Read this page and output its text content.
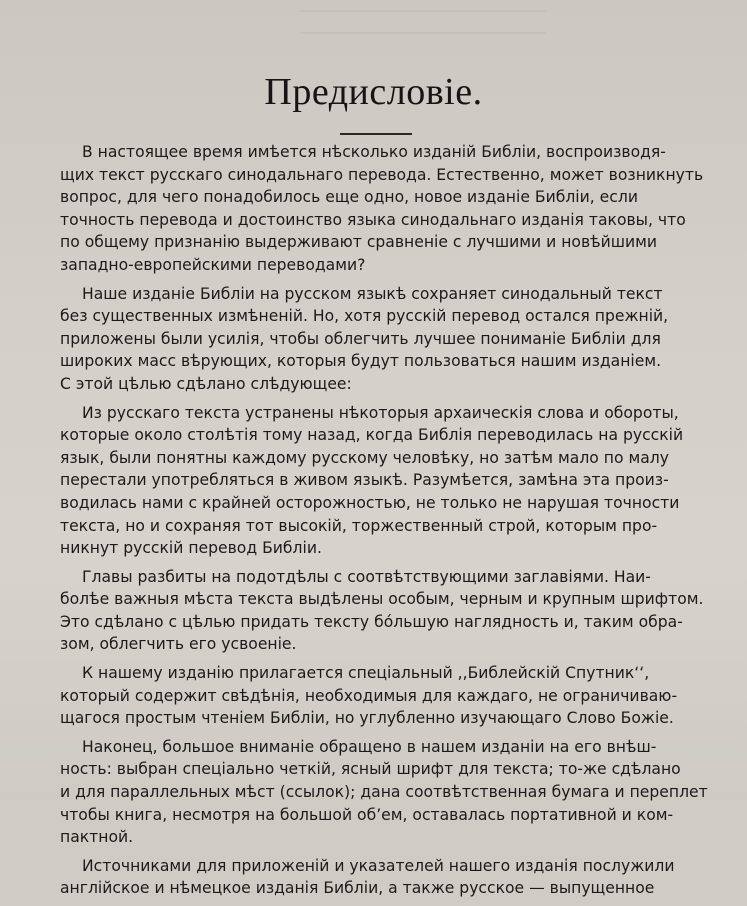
──────────────────────────────────
──────────────────────────────────
Предисловіе.

В настоящее время имѣется нѣсколько изданій Библіи, воспроизводя-
щих текст русскаго синодальнаго перевода. Естественно, может возникнуть
вопрос, для чего понадобилось еще одно, новое изданіе Библіи, если
точность перевода и достоинство языка синодальнаго изданія таковы, что
по общему признанію выдерживают сравненіе с лучшими и новѣйшими
западно-европейскими переводами?

Наше изданіе Библіи на русском языкѣ сохраняет синодальный текст
без существенных измѣненій. Но, хотя русскій перевод остался прежній,
приложены были усилія, чтобы облегчить лучшее пониманіе Библіи для
широких масс вѣрующих, которыя будут пользоваться нашим изданіем.
С этой цѣлью сдѣлано слѣдующее:

Из русскаго текста устранены нѣкоторыя архаическія слова и обороты,
которые около столѣтія тому назад, когда Библія переводилась на русскій
язык, были понятны каждому русскому человѣку, но затѣм мало по малу
перестали употребляться в живом языкѣ. Разумѣется, замѣна эта произ-
водилась нами с крайней осторожностью, не только не нарушая точности
текста, но и сохраняя тот высокій, торжественный строй, которым про-
никнут русскій перевод Библіи.

Главы разбиты на подотдѣлы с соотвѣтствующими заглавіями. Наи-
болѣе важныя мѣста текста выдѣлены особым, черным и крупным шрифтом.
Это сдѣлано с цѣлью придать тексту бо́льшую наглядность и, таким обра-
зом, облегчить его усвоеніе.

К нашему изданію прилагается спеціальный ,,Библейскій Спутник‘‘,
который содержит свѣдѣнія, необходимыя для каждаго, не ограничиваю-
щагося простым чтеніем Библіи, но углубленно изучающаго Слово Божіе.

Наконец, большое вниманіе обращено в нашем изданіи на его внѣш-
ность: выбран спеціально четкій, ясный шрифт для текста; то-же сдѣлано
и для параллельных мѣст (ссылок); дана соотвѣтственная бумага и переплет
чтобы книга, несмотря на большой об’ем, оставалась портативной и ком-
пактной.

Источниками для приложеній и указателей нашего изданія послужили
англійское и нѣмецкое изданія Библіи, а также русское — выпущенное
